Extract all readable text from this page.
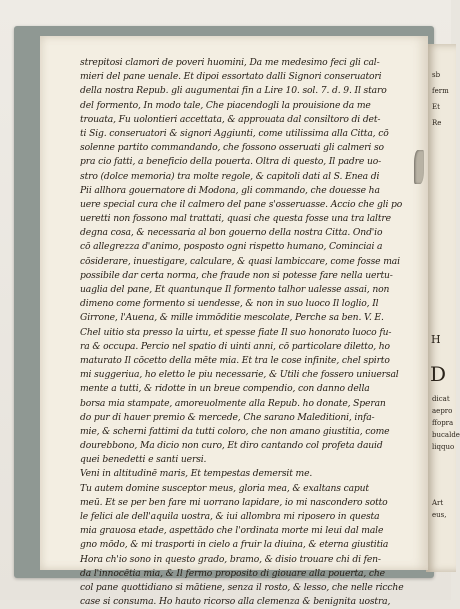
sb
ferm
Et
Re
H
D
dicat
aepro
ffopra
bucalde
liqquo
Art
eus,
strepitosi clamori de poveri huomini, Da me medesimo feci gli cal-
mieri del pane uenale. Et dipoi essortato dalli Signori conseruatori
della nostra Repub. gli augumentai fin a Lire 10. sol. 7. d. 9. Il staro
del formento, In modo tale, Che piacendogli la prouisione da me
trouata, Fu uolontieri accettata, & approuata dal consiltoro di det-
ti Sig. conseruatori & signori Aggiunti, come utilissima alla Citta, cō
solenne partito commandando, che fossono osseruati gli calmeri so
pra cio fatti, a beneficio della pouerta. Oltra di questo, Il padre uo-
stro (dolce memoria) tra molte regole, & capitoli dati al S. Enea di
Pii allhora gouernatore di Modona, gli commando, che douesse ha
uere special cura che il calmero del pane s'osseruasse. Accio che gli po
ueretti non fossono mal trattati, quasi che questa fosse una tra laltre
degna cosa, & necessaria al bon gouerno della nostra Citta. Ond'io
cō allegrezza d'animo, posposto ogni rispetto humano, Cominciai a
cōsiderare, inuestigare, calculare, & quasi lambiccare, come fosse mai
possibile dar certa norma, che fraude non si potesse fare nella uertu-
uaglia del pane, Et quantunque Il formento talhor ualesse assai, non
dimeno come formento si uendesse, & non in suo luoco Il loglio, Il
Girrone, l'Auena, & mille immōditie mescolate, Perche sa ben. V. E.
Chel uitio sta presso la uirtu, et spesse fiate Il suo honorato luoco fu-
ra & occupa. Percio nel spatio di uinti anni, cō particolare diletto, ho
maturato Il cōcetto della mēte mia. Et tra le cose infinite, chel spirto
mi suggeriua, ho eletto le piu necessarie, & Utili che fossero uniuersal
mente a tutti, & ridotte in un breue compendio, con danno della
borsa mia stampate, amoreuolmente alla Repub. ho donate, Speran
do pur di hauer premio & mercede, Che sarano Maleditioni, infa-
mie, & scherni fattimi da tutti coloro, che non amano giustitia, come
dourebbono, Ma dicio non curo, Et diro cantando col profeta dauid
quei benedetti e santi uersi.
Veni in altitudinē maris, Et tempestas demersit me.
Tu autem domine susceptor meus, gloria mea, & exaltans caput
meū. Et se per ben fare mi uorrano lapidare, io mi nascondero sotto
le felici ale dell'aquila uostra, & iui allombra mi riposero in questa
mia grauosa etade, aspettādo che l'ordinata morte mi leui dal male
gno mōdo, & mi trasporti in cielo a fruir la diuina, & eterna giustitia
Hora ch'io sono in questo grado, bramo, & disio trouare chi di fen-
da l'innocētia mia, & Il fermo proposito di giouare alla pouerta, che
col pane quottidiano si mātiene, senza il rosto, & lesso, che nelle ricche
case si consuma. Ho hauto ricorso alla clemenza & benignita uostra,
